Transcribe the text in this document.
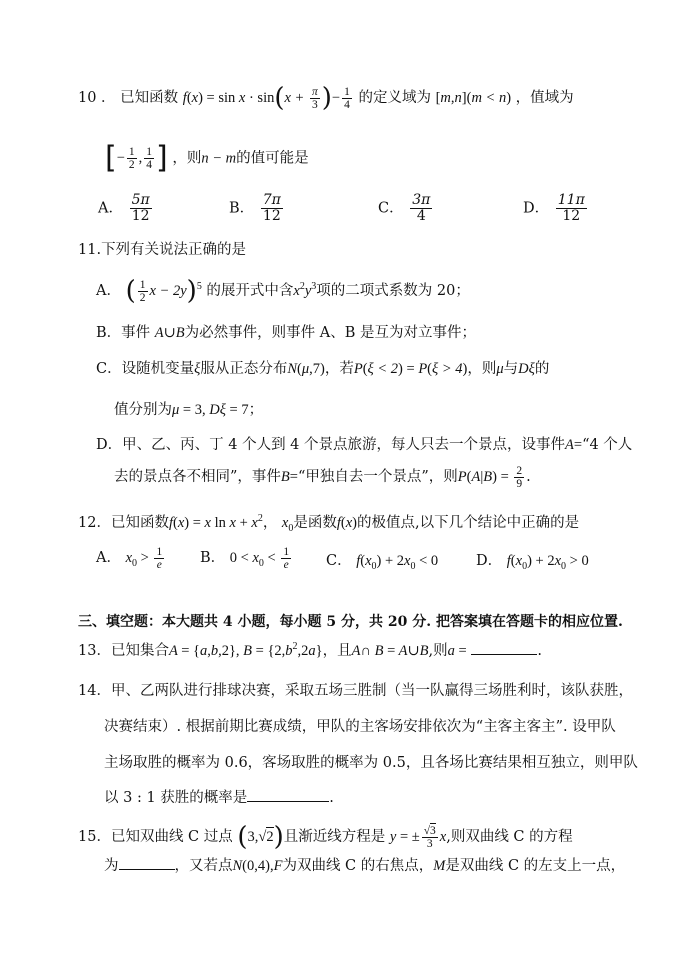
10 ． 已知函数 $f(x) = \sin x \cdot \sin(x + \frac{\pi}{3}$ )− $\frac{1}{4}$ 的定义域为 [m,n](m < n) ，值域为
[− $\frac{1}{2}$ , $\frac{1}{4}$ ] ，则n − m的值可能是
A． $\frac{5\pi}{12}$	B． $\frac{7\pi}{12}$	C． $\frac{3\pi}{4}$	D． $\frac{11\pi}{12}$
11.下列有关说法正确的是
A． ( $\frac{1}{2}$ x − 2y)$^5$ 的展开式中含$x^2y^3$项的二项式系数为 20；
B．事件 A∪B为必然事件，则事件 A、B 是互为对立事件；
C．设随机变量ξ服从正态分布N(μ,7)，若P(ξ < 2) = P(ξ > 4)，则μ与Dξ的
值分别为μ = 3, Dξ = 7；
D．甲、乙、丙、丁 4 个人到 4 个景点旅游，每人只去一个景点，设事件A=“4 个人
去的景点各不相同”，事件B=“甲独自去一个景点”，则$P(A|B) = \frac{2}{9}$ .
12．已知函数f(x) = x $\ln x + x^2$， $x_0$是函数f(x)的极值点,以下几个结论中正确的是
A． $x_0 > \frac{1}{e}$ B． $0 < x_0 < \frac{1}{e}$ C． $f(x_0) + 2x_0 < 0$	D． $f(x_0) + 2x_0 > 0$
三、填空题：本大题共 4 小题，每小题 5 分，共 20 分. 把答案填在答题卡的相应位置.
13．已知集合A = {a,b,2}, $B = \{2,b^2,2a\}$，且A∩ B = A∪B,则a =	.
14．甲、乙两队进行排球决赛，采取五场三胜制（当一队赢得三场胜利时，该队获胜，
决赛结束）. 根据前期比赛成绩，甲队的主客场安排依次为“主客主客主”. 设甲队
主场取胜的概率为 0.6，客场取胜的概率为 0.5，且各场比赛结果相互独立，则甲队
以 3 : 1 获胜的概率是	.
15．已知双曲线 C 过点 (3,√2)且渐近线方程是 y = ± $\frac{√3}{3} x$,则双曲线 C 的方程
为	，又若点N(0,4),F为双曲线 C 的右焦点，M是双曲线 C 的左支上一点，
